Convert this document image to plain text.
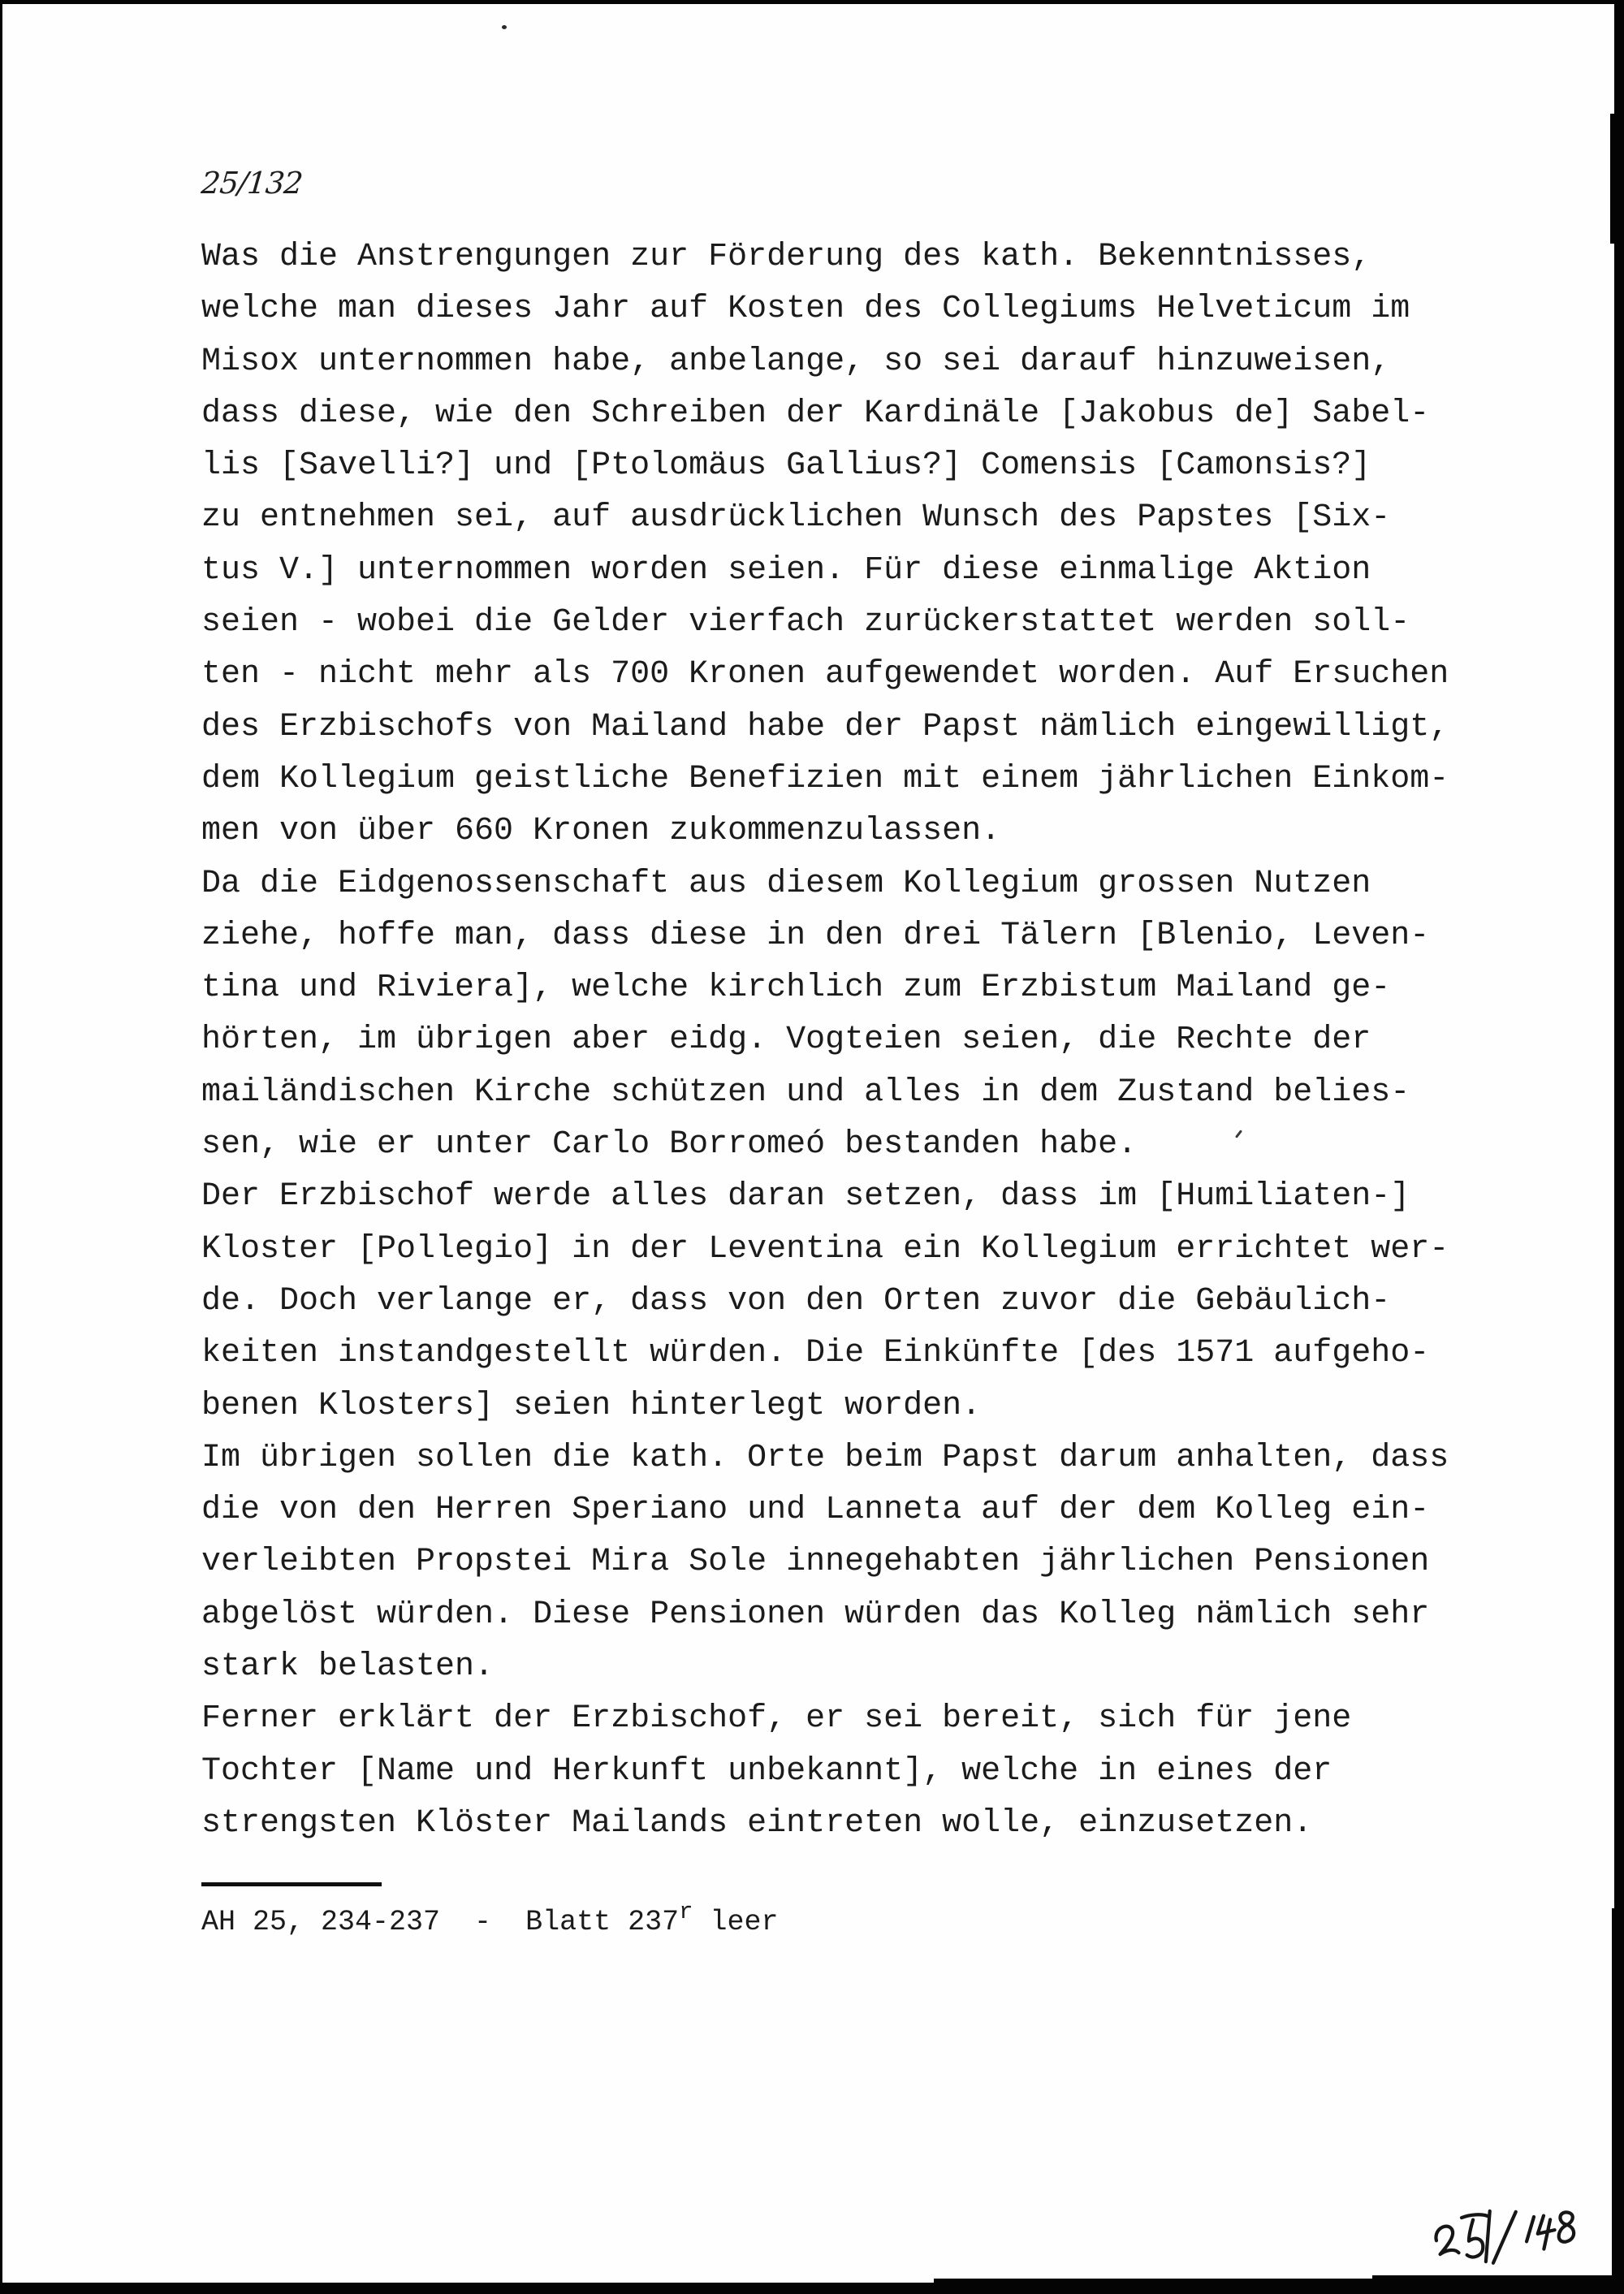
25/132
Was die Anstrengungen zur Förderung des kath. Bekenntnisses,
welche man dieses Jahr auf Kosten des Collegiums Helveticum im
Misox unternommen habe, anbelange, so sei darauf hinzuweisen,
dass diese, wie den Schreiben der Kardinäle [Jakobus de] Sabel-
lis [Savelli?] und [Ptolomäus Gallius?] Comensis [Camonsis?]
zu entnehmen sei, auf ausdrücklichen Wunsch des Papstes [Six-
tus V.] unternommen worden seien. Für diese einmalige Aktion
seien - wobei die Gelder vierfach zurückerstattet werden soll-
ten - nicht mehr als 700 Kronen aufgewendet worden. Auf Ersuchen
des Erzbischofs von Mailand habe der Papst nämlich eingewilligt,
dem Kollegium geistliche Benefizien mit einem jährlichen Einkom-
men von über 660 Kronen zukommenzulassen.
Da die Eidgenossenschaft aus diesem Kollegium grossen Nutzen
ziehe, hoffe man, dass diese in den drei Tälern [Blenio, Leven-
tina und Riviera], welche kirchlich zum Erzbistum Mailand ge-
hörten, im übrigen aber eidg. Vogteien seien, die Rechte der
mailändischen Kirche schützen und alles in dem Zustand belies-
sen, wie er unter Carlo Borromeó bestanden habe.
Der Erzbischof werde alles daran setzen, dass im [Humiliaten-]
Kloster [Pollegio] in der Leventina ein Kollegium errichtet wer-
de. Doch verlange er, dass von den Orten zuvor die Gebäulich-
keiten instandgestellt würden. Die Einkünfte [des 1571 aufgeho-
benen Klosters] seien hinterlegt worden.
Im übrigen sollen die kath. Orte beim Papst darum anhalten, dass
die von den Herren Speriano und Lanneta auf der dem Kolleg ein-
verleibten Propstei Mira Sole innegehabten jährlichen Pensionen
abgelöst würden. Diese Pensionen würden das Kolleg nämlich sehr
stark belasten.
Ferner erklärt der Erzbischof, er sei bereit, sich für jene
Tochter [Name und Herkunft unbekannt], welche in eines der
strengsten Klöster Mailands eintreten wolle, einzusetzen.
AH 25, 234-237  -  Blatt 237$^r$ leer
